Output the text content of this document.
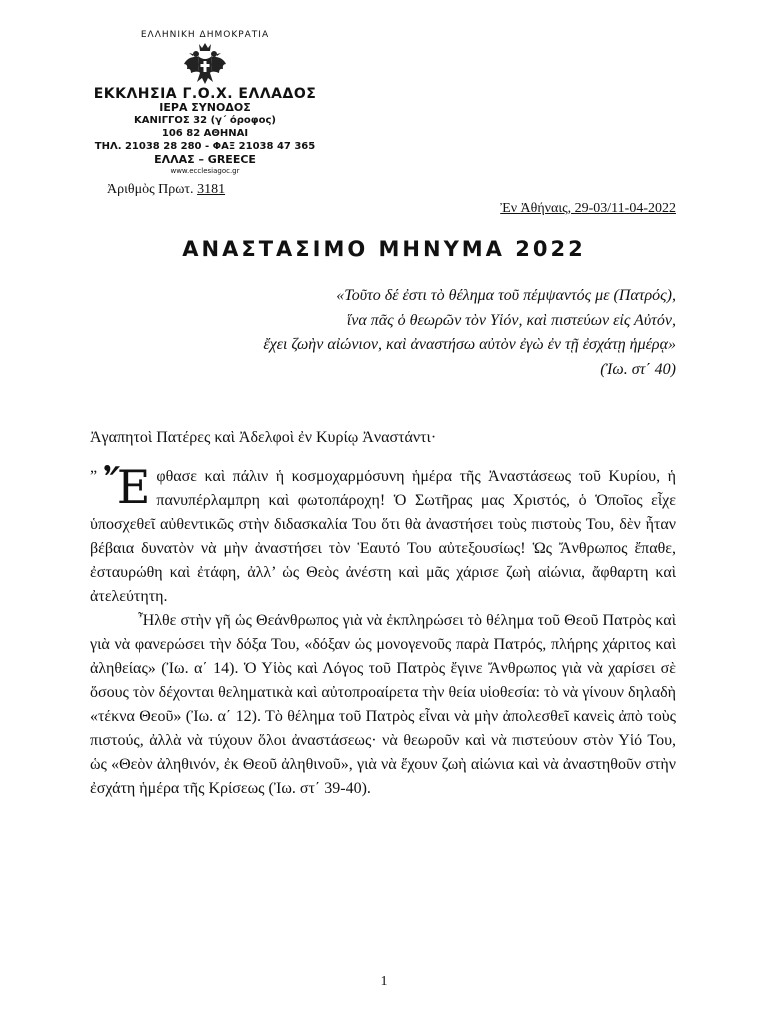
ΕΛΛΗΝΙΚΗ ΔΗΜΟΚΡΑΤΙΑ
ΕΚΚΛΗΣΙΑ Γ.Ο.Χ. ΕΛΛΑΔΟΣ
ΙΕΡΑ ΣΥΝΟΔΟΣ
ΚΑΝΙΓΓΟΣ 32 (γ΄ όροφος)
106 82 ΑΘΗΝΑΙ
ΤΗΛ. 21038 28 280 - ΦΑΞ 21038 47 365
ΕΛΛΑΣ – GREECE
www.ecclesiagoc.gr
Ἀριθμὸς Πρωτ. 3181
Ἐν Ἀθήναις, 29-03/11-04-2022
ΑΝΑΣΤΑΣΙΜΟ ΜΗΝΥΜΑ 2022
«Τοῦτο δέ ἐστι τὸ θέλημα τοῦ πέμψαντός με (Πατρός),
ἵνα πᾶς ὁ θεωρῶν τὸν Υἱόν, καὶ πιστεύων εἰς Αὐτόν,
ἔχει ζωὴν αἰώνιον, καὶ ἀναστήσω αὐτὸν ἐγὼ ἐν τῇ ἐσχάτῃ ἡμέρᾳ»
(Ἰω. στ΄ 40)
Ἀγαπητοὶ Πατέρες καὶ Ἀδελφοὶ ἐν Κυρίῳ Ἀναστάντι·
” Ἔ φθασε καὶ πάλιν ἡ κοσμοχαρμόσυνη ἡμέρα τῆς Ἀναστάσεως τοῦ Κυρίου, ἡ πανυπέρλαμπρη καὶ φωτοπάροχη! Ὁ Σωτῆρας μας Χριστός, ὁ Ὁποῖος εἶχε ὑποσχεθεῖ αὐθεντικῶς στὴν διδασκαλία Του ὅτι θὰ ἀναστήσει τοὺς πιστοὺς Του, δὲν ἦταν βέβαια δυνατὸν νὰ μὴν ἀναστήσει τὸν Ἑαυτό Του αὐτεξουσίως! Ὡς Ἄνθρωπος ἔπαθε, ἐσταυρώθη καὶ ἐτάφη, ἀλλ’ ὡς Θεὸς ἀνέστη καὶ μᾶς χάρισε ζωὴ αἰώνια, ἄφθαρτη καὶ ἀτελεύτητη.

Ἦλθε στὴν γῆ ὡς Θεάνθρωπος γιὰ νὰ ἐκπληρώσει τὸ θέλημα τοῦ Θεοῦ Πατρὸς καὶ γιὰ νὰ φανερώσει τὴν δόξα Του, «δόξαν ὡς μονογενοῦς παρὰ Πατρός, πλήρης χάριτος καὶ ἀληθείας» (Ἰω. α΄ 14). Ὁ Υἱὸς καὶ Λόγος τοῦ Πατρὸς ἔγινε Ἄνθρωπος γιὰ νὰ χαρίσει σὲ ὅσους τὸν δέχονται θεληματικὰ καὶ αὐτοπροαίρετα τὴν θεία υἱοθεσία: τὸ νὰ γίνουν δηλαδὴ «τέκνα Θεοῦ» (Ἰω. α΄ 12). Τὸ θέλημα τοῦ Πατρὸς εἶναι νὰ μὴν ἀπολεσθεῖ κανεὶς ἀπὸ τοὺς πιστούς, ἀλλὰ νὰ τύχουν ὅλοι ἀναστάσεως· νὰ θεωροῦν καὶ νὰ πιστεύουν στὸν Υἱό Του, ὡς «Θεὸν ἀληθινόν, ἐκ Θεοῦ ἀληθινοῦ», γιὰ νὰ ἔχουν ζωὴ αἰώνια καὶ νὰ ἀναστηθοῦν στὴν ἐσχάτη ἡμέρα τῆς Κρίσεως (Ἰω. στ΄ 39-40).

1
